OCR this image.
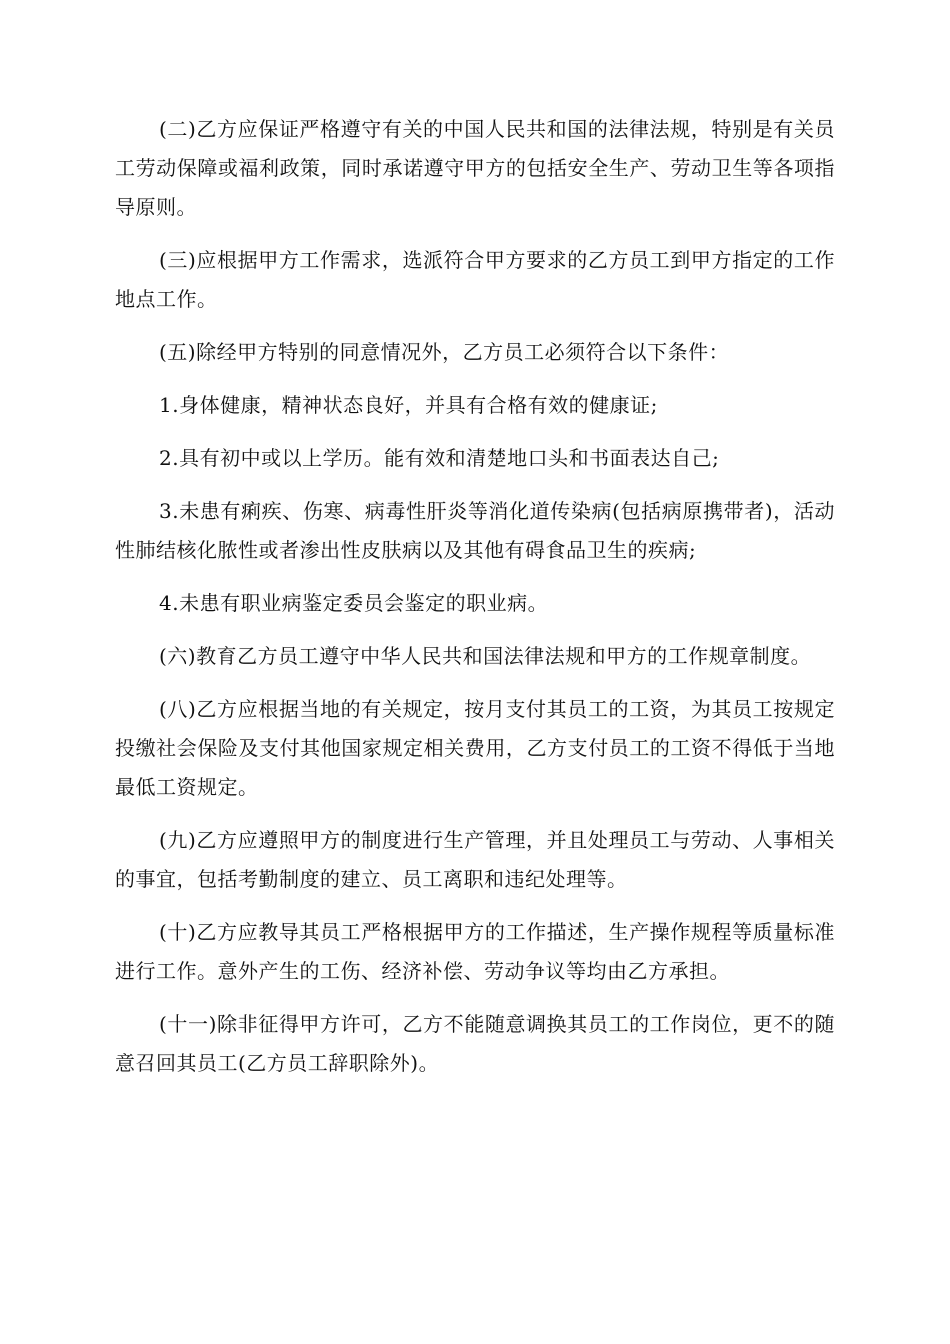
(二)乙方应保证严格遵守有关的中国人民共和国的法律法规，特别是有关员工劳动保障或福利政策，同时承诺遵守甲方的包括安全生产、劳动卫生等各项指导原则。

(三)应根据甲方工作需求，选派符合甲方要求的乙方员工到甲方指定的工作地点工作。

(五)除经甲方特别的同意情况外，乙方员工必须符合以下条件：

1.身体健康，精神状态良好，并具有合格有效的健康证;

2.具有初中或以上学历。能有效和清楚地口头和书面表达自己;

3.未患有痢疾、伤寒、病毒性肝炎等消化道传染病(包括病原携带者)，活动性肺结核化脓性或者渗出性皮肤病以及其他有碍食品卫生的疾病;

4.未患有职业病鉴定委员会鉴定的职业病。

(六)教育乙方员工遵守中华人民共和国法律法规和甲方的工作规章制度。

(八)乙方应根据当地的有关规定，按月支付其员工的工资，为其员工按规定投缴社会保险及支付其他国家规定相关费用，乙方支付员工的工资不得低于当地最低工资规定。

(九)乙方应遵照甲方的制度进行生产管理，并且处理员工与劳动、人事相关的事宜，包括考勤制度的建立、员工离职和违纪处理等。

(十)乙方应教导其员工严格根据甲方的工作描述，生产操作规程等质量标准进行工作。意外产生的工伤、经济补偿、劳动争议等均由乙方承担。

(十一)除非征得甲方许可，乙方不能随意调换其员工的工作岗位，更不的随意召回其员工(乙方员工辞职除外)。
